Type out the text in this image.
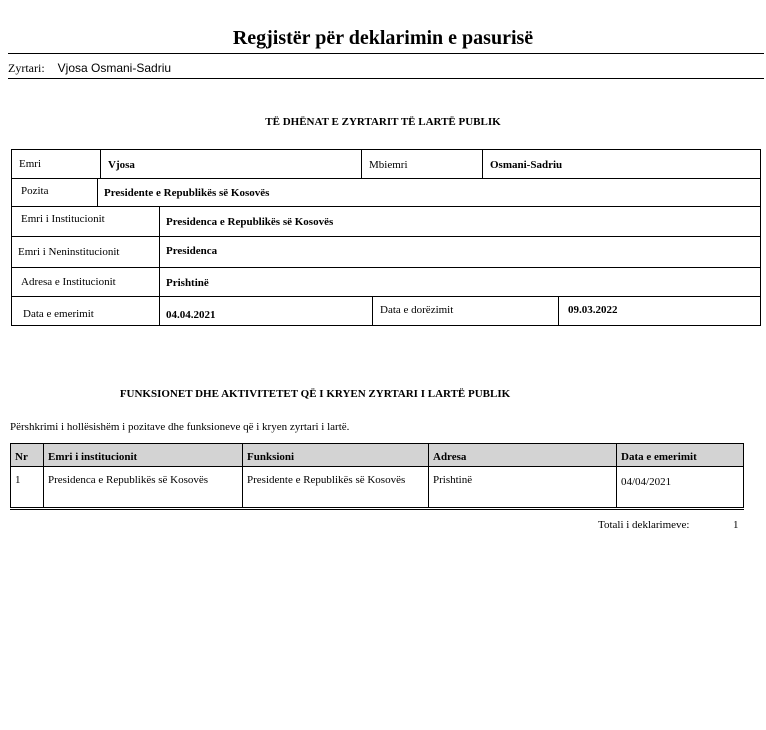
Regjistër për deklarimin e pasurisë
Zyrtari: Vjosa Osmani-Sadriu
TË DHËNAT E ZYRTARIT TË LARTË PUBLIK
Emri	Vjosa	Mbiemri	Osmani-Sadriu
Pozita	Presidente e Republikës së Kosovës
Emri i Institucionit	Presidenca e Republikës së Kosovës
Emri i Neninstitucionit	Presidenca
Adresa e Institucionit	Prishtinë
Data e emerimit	04.04.2021	Data e dorëzimit	09.03.2022
FUNKSIONET DHE AKTIVITETET QË I KRYEN ZYRTARI I LARTË PUBLIK
Përshkrimi i hollësishëm i pozitave dhe funksioneve që i kryen zyrtari i lartë.
Nr	Emri i institucionit	Funksioni	Adresa	Data e emerimit
1	Presidenca e Republikës së Kosovës	Presidente e Republikës së Kosovës	Prishtinë	04/04/2021
Totali i deklarimeve:	1
